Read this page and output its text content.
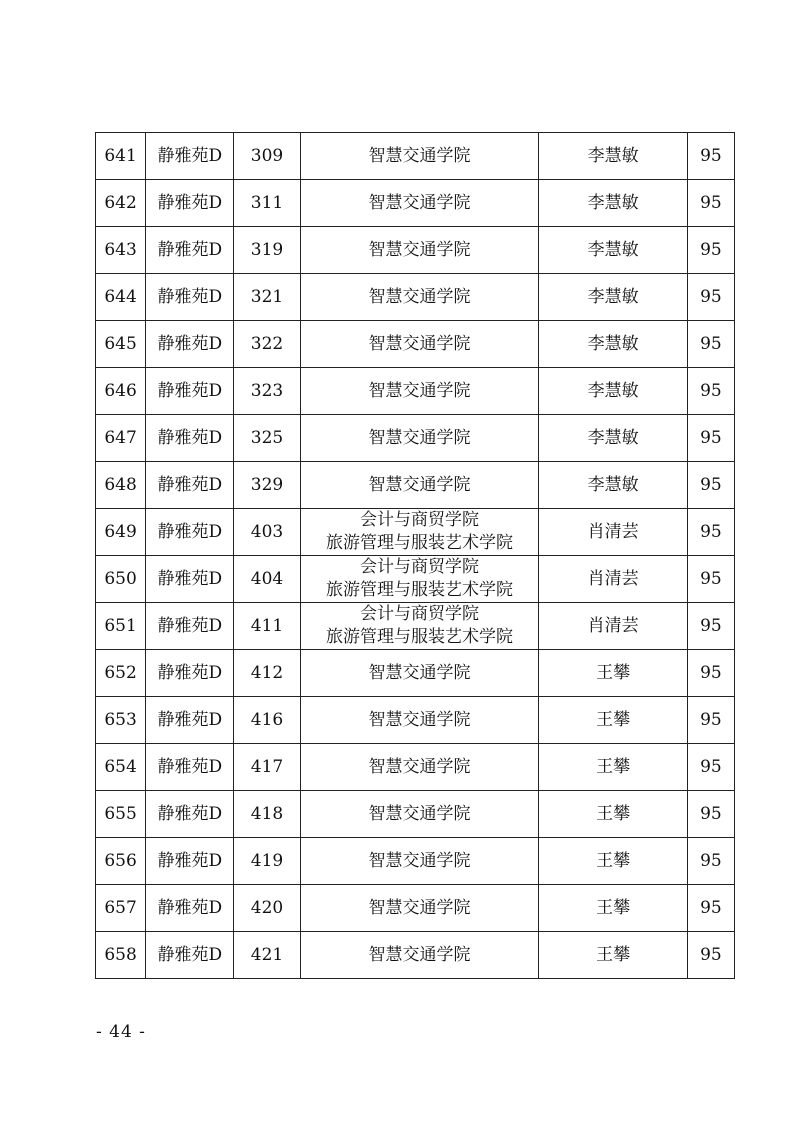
641	静雅苑D	309	智慧交通学院	李慧敏	95
642	静雅苑D	311	智慧交通学院	李慧敏	95
643	静雅苑D	319	智慧交通学院	李慧敏	95
644	静雅苑D	321	智慧交通学院	李慧敏	95
645	静雅苑D	322	智慧交通学院	李慧敏	95
646	静雅苑D	323	智慧交通学院	李慧敏	95
647	静雅苑D	325	智慧交通学院	李慧敏	95
648	静雅苑D	329	智慧交通学院	李慧敏	95
649	静雅苑D	403	会计与商贸学院
旅游管理与服装艺术学院	肖清芸	95
650	静雅苑D	404	会计与商贸学院
旅游管理与服装艺术学院	肖清芸	95
651	静雅苑D	411	会计与商贸学院
旅游管理与服装艺术学院	肖清芸	95
652	静雅苑D	412	智慧交通学院	王攀	95
653	静雅苑D	416	智慧交通学院	王攀	95
654	静雅苑D	417	智慧交通学院	王攀	95
655	静雅苑D	418	智慧交通学院	王攀	95
656	静雅苑D	419	智慧交通学院	王攀	95
657	静雅苑D	420	智慧交通学院	王攀	95
658	静雅苑D	421	智慧交通学院	王攀	95
- 44 -
